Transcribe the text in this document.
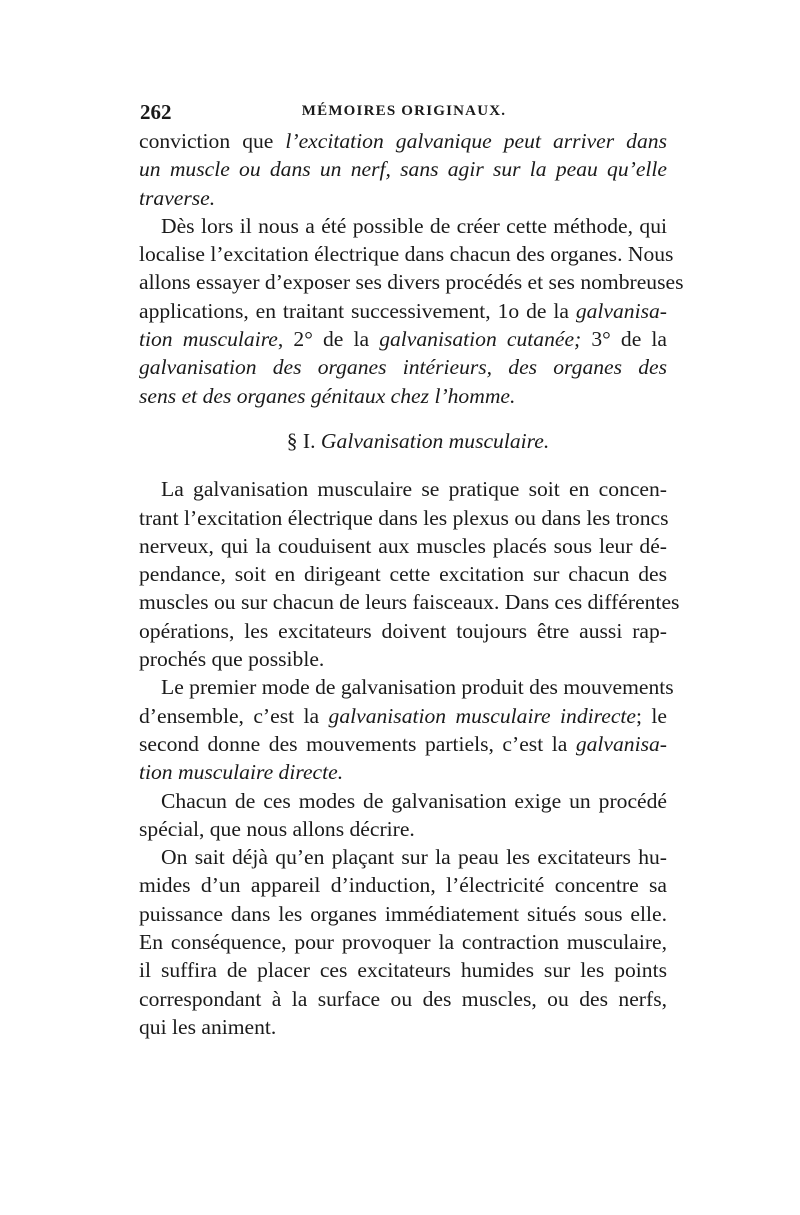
262	MÉMOIRES ORIGINAUX.
conviction que l’excitation galvanique peut arriver dans
un muscle ou dans un nerf, sans agir sur la peau qu’elle
traverse.
Dès lors il nous a été possible de créer cette méthode, qui
localise l’excitation électrique dans chacun des organes. Nous
allons essayer d’exposer ses divers procédés et ses nombreuses
applications, en traitant successivement, 1o de la galvanisa-
tion musculaire, 2° de la galvanisation cutanée; 3° de la
galvanisation des organes intérieurs, des organes des
sens et des organes génitaux chez l’homme.
§ I. Galvanisation musculaire.
La galvanisation musculaire se pratique soit en concen-
trant l’excitation électrique dans les plexus ou dans les troncs
nerveux, qui la couduisent aux muscles placés sous leur dé-
pendance, soit en dirigeant cette excitation sur chacun des
muscles ou sur chacun de leurs faisceaux. Dans ces différentes
opérations, les excitateurs doivent toujours être aussi rap-
prochés que possible.
Le premier mode de galvanisation produit des mouvements
d’ensemble, c’est la galvanisation musculaire indirecte; le
second donne des mouvements partiels, c’est la galvanisa-
tion musculaire directe.
Chacun de ces modes de galvanisation exige un procédé
spécial, que nous allons décrire.
On sait déjà qu’en plaçant sur la peau les excitateurs hu-
mides d’un appareil d’induction, l’électricité concentre sa
puissance dans les organes immédiatement situés sous elle.
En conséquence, pour provoquer la contraction musculaire,
il suffira de placer ces excitateurs humides sur les points
correspondant à la surface ou des muscles, ou des nerfs,
qui les animent.
